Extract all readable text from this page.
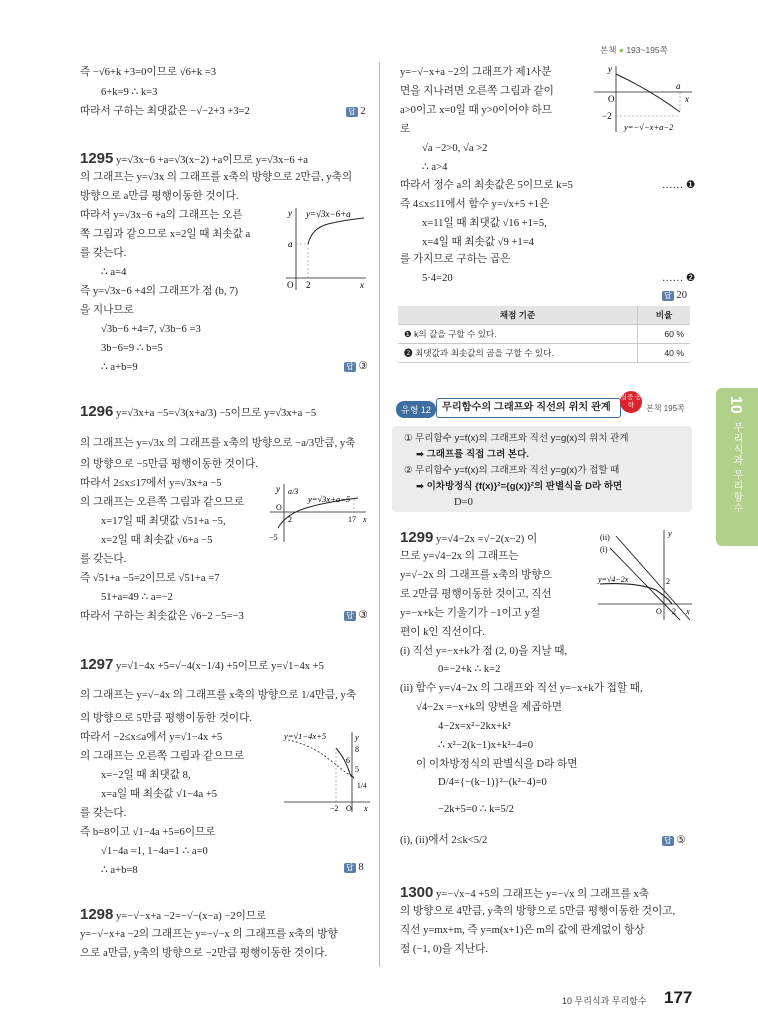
본책 ● 193~195쪽
즉 −√6+k +3=0이므로 √6+k =3
6+k=9 ∴ k=3
따라서 구하는 최댓값은 −√−2+3 +3=2	답 2
1295 y=√3x−6 +a=√3(x−2) +a이므로 y=√3x−6 +a
의 그래프는 y=√3x 의 그래프를 x축의 방향으로 2만큼, y축의
방향으로 a만큼 평행이동한 것이다.
따라서 y=√3x−6 +a의 그래프는 오른
쪽 그림과 같으므로 x=2일 때 최솟값 a
를 갖는다.
∴ a=4
즉 y=√3x−6 +4의 그래프가 점 (b, 7)
을 지나므로
√3b−6 +4=7, √3b−6 =3
3b−6=9 ∴ b=5
∴ a+b=9	답 ③
y y=√3x−6+a
a
O 2	x
1296 y=√3x+a −5=√3(x+a/3) −5이므로 y=√3x+a −5
의 그래프는 y=√3x 의 그래프를 x축의 방향으로 −a/3만큼, y축
의 방향으로 −5만큼 평행이동한 것이다.
따라서 2≤x≤17에서 y=√3x+a −5
의 그래프는 오른쪽 그림과 같으므로
x=17일 때 최댓값 √51+a −5,
x=2일 때 최솟값 √6+a −5
를 갖는다.
즉 √51+a −5=2이므로 √51+a =7
51+a=49 ∴ a=−2
따라서 구하는 최솟값은 √6−2 −5=−3	답 ③
a/3
y
y=√3x+a−5
O
2	17 x
−5
1297 y=√1−4x +5=√−4(x−1/4) +5이므로 y=√1−4x +5
의 그래프는 y=√−4x 의 그래프를 x축의 방향으로 1/4만큼, y축
의 방향으로 5만큼 평행이동한 것이다.
따라서 −2≤x≤a에서 y=√1−4x +5
의 그래프는 오른쪽 그림과 같으므로
x=−2일 때 최댓값 8,
x=a일 때 최솟값 √1−4a +5
를 갖는다.
즉 b=8이고 √1−4a +5=6이므로
√1−4a =1, 1−4a=1 ∴ a=0
∴ a+b=8	답 8
y=√1−4x+5	y
8
6
5
1/4
−2 O x
1298 y=−√−x+a −2=−√−(x−a) −2이므로
y=−√−x+a −2의 그래프는 y=−√−x 의 그래프를 x축의 방향
으로 a만큼, y축의 방향으로 −2만큼 평행이동한 것이다.
y=−√−x+a −2의 그래프가 제1사분
면을 지나려면 오른쪽 그림과 같이
a>0이고 x=0일 때 y>0이어야 하므
로
√a −2>0, √a >2
∴ a>4
따라서 정수 a의 최솟값은 5이므로 k=5	…… ❶
즉 4≤x≤11에서 함수 y=√x+5 +1은
x=11일 때 최댓값 √16 +1=5,
x=4일 때 최솟값 √9 +1=4
를 가지므로 구하는 곱은
5·4=20	…… ❷
답 20
y
O
a
x
−2
y=−√−x+a−2
채점 기준	비율
❶ k의 값을 구할 수 있다.	60 %
❷ 최댓값과 최솟값의 곱을 구할 수 있다.	40 %
유형 12	무리함수의 그래프와 직선의 위치 관계
집중 공략	본책 195쪽
① 무리함수 y=f(x)의 그래프와 직선 y=g(x)의 위치 관계
➡ 그래프를 직접 그려 본다.
② 무리함수 y=f(x)의 그래프와 직선 y=g(x)가 접할 때
➡ 이차방정식 {f(x)}²={g(x)}²의 판별식을 D라 하면
D=0
1299 y=√4−2x =√−2(x−2) 이
므로 y=√4−2x 의 그래프는
y=√−2x 의 그래프를 x축의 방향으
로 2만큼 평행이동한 것이고, 직선
y=−x+k는 기울기가 −1이고 y절
편이 k인 직선이다.
(i) 직선 y=−x+k가 점 (2, 0)을 지날 때,
0=−2+k ∴ k=2
(ii) 함수 y=√4−2x 의 그래프와 직선 y=−x+k가 접할 때,
√4−2x =−x+k의 양변을 제곱하면
4−2x=x²−2kx+k²
∴ x²−2(k−1)x+k²−4=0
이 이차방정식의 판별식을 D라 하면
D/4={−(k−1)}²−(k²−4)=0
−2k+5=0 ∴ k=5/2
(i), (ii)에서 2≤k<5/2	답 ⑤
(ii)
(i)
y
y=√4−2x	2
O 2 x
1300 y=−√x−4 +5의 그래프는 y=−√x 의 그래프를 x축
의 방향으로 4만큼, y축의 방향으로 5만큼 평행이동한 것이고,
직선 y=mx+m, 즉 y=m(x+1)은 m의 값에 관계없이 항상
점 (−1, 0)을 지난다.
10
무리식과 무리함수
10 무리식과 무리함수 177
